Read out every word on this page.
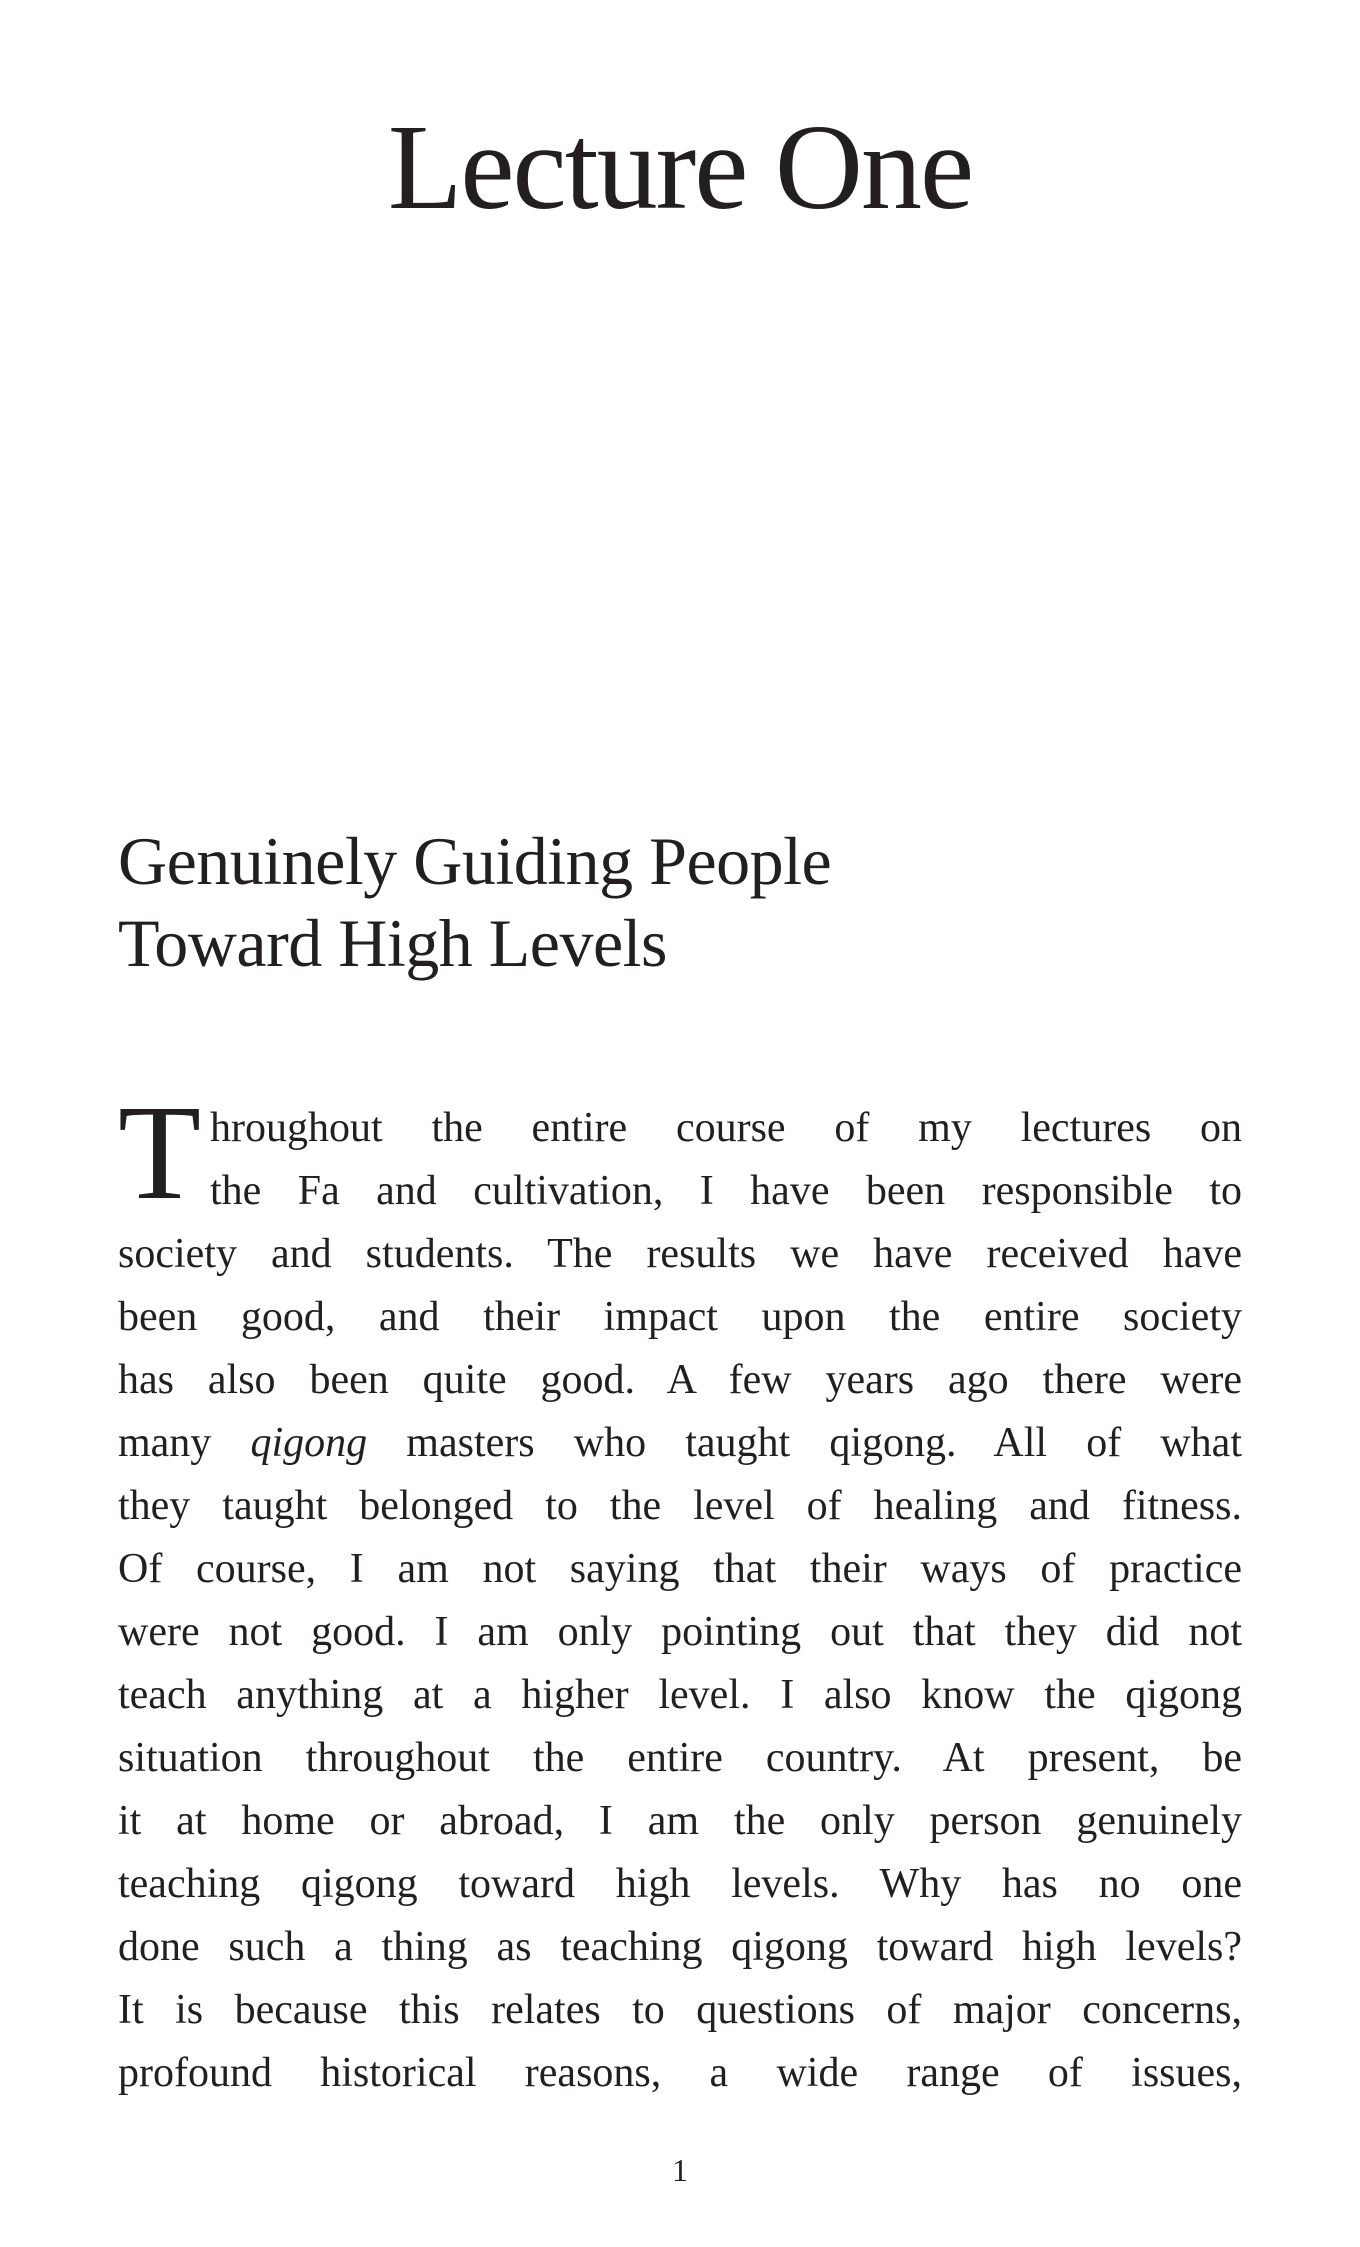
Lecture One
Genuinely Guiding People
Toward High Levels
T hroughout the entire course of my lectures on
the Fa and cultivation, I have been responsible to
society and students. The results we have received have
been good, and their impact upon the entire society
has also been quite good. A few years ago there were
many qigong masters who taught qigong. All of what
they taught belonged to the level of healing and fitness.
Of course, I am not saying that their ways of practice
were not good. I am only pointing out that they did not
teach anything at a higher level. I also know the qigong
situation throughout the entire country. At present, be
it at home or abroad, I am the only person genuinely
teaching qigong toward high levels. Why has no one
done such a thing as teaching qigong toward high levels?
It is because this relates to questions of major concerns,
profound historical reasons, a wide range of issues,
1
